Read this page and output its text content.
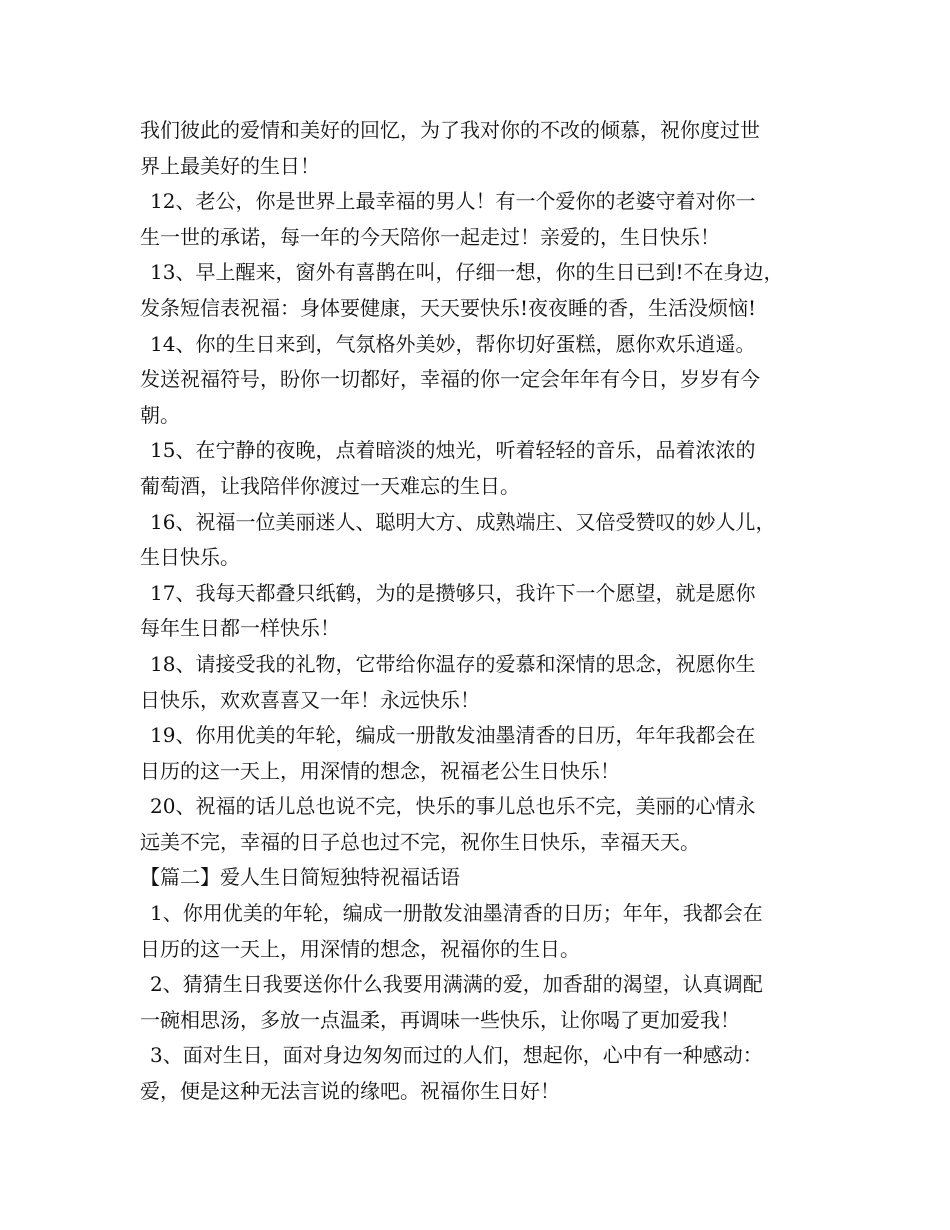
我们彼此的爱情和美好的回忆，为了我对你的不改的倾慕，祝你度过世
界上最美好的生日！
12、老公，你是世界上最幸福的男人！有一个爱你的老婆守着对你一
生一世的承诺，每一年的今天陪你一起走过！亲爱的，生日快乐！
13、早上醒来，窗外有喜鹊在叫，仔细一想，你的生日已到!不在身边，
发条短信表祝福：身体要健康，天天要快乐!夜夜睡的香，生活没烦恼!
14、你的生日来到，气氛格外美妙，帮你切好蛋糕，愿你欢乐逍遥。
发送祝福符号，盼你一切都好，幸福的你一定会年年有今日，岁岁有今
朝。
15、在宁静的夜晚，点着暗淡的烛光，听着轻轻的音乐，品着浓浓的
葡萄酒，让我陪伴你渡过一天难忘的生日。
16、祝福一位美丽迷人、聪明大方、成熟端庄、又倍受赞叹的妙人儿，
生日快乐。
17、我每天都叠只纸鹤，为的是攒够只，我许下一个愿望，就是愿你
每年生日都一样快乐！
18、请接受我的礼物，它带给你温存的爱慕和深情的思念，祝愿你生
日快乐，欢欢喜喜又一年！永远快乐！
19、你用优美的年轮，编成一册散发油墨清香的日历，年年我都会在
日历的这一天上，用深情的想念，祝福老公生日快乐！
20、祝福的话儿总也说不完，快乐的事儿总也乐不完，美丽的心情永
远美不完，幸福的日子总也过不完，祝你生日快乐，幸福天天。
【篇二】爱人生日简短独特祝福话语
1、你用优美的年轮，编成一册散发油墨清香的日历；年年，我都会在
日历的这一天上，用深情的想念，祝福你的生日。
2、猜猜生日我要送你什么我要用满满的爱，加香甜的渴望，认真调配
一碗相思汤，多放一点温柔，再调味一些快乐，让你喝了更加爱我！
3、面对生日，面对身边匆匆而过的人们，想起你，心中有一种感动：
爱，便是这种无法言说的缘吧。祝福你生日好！
